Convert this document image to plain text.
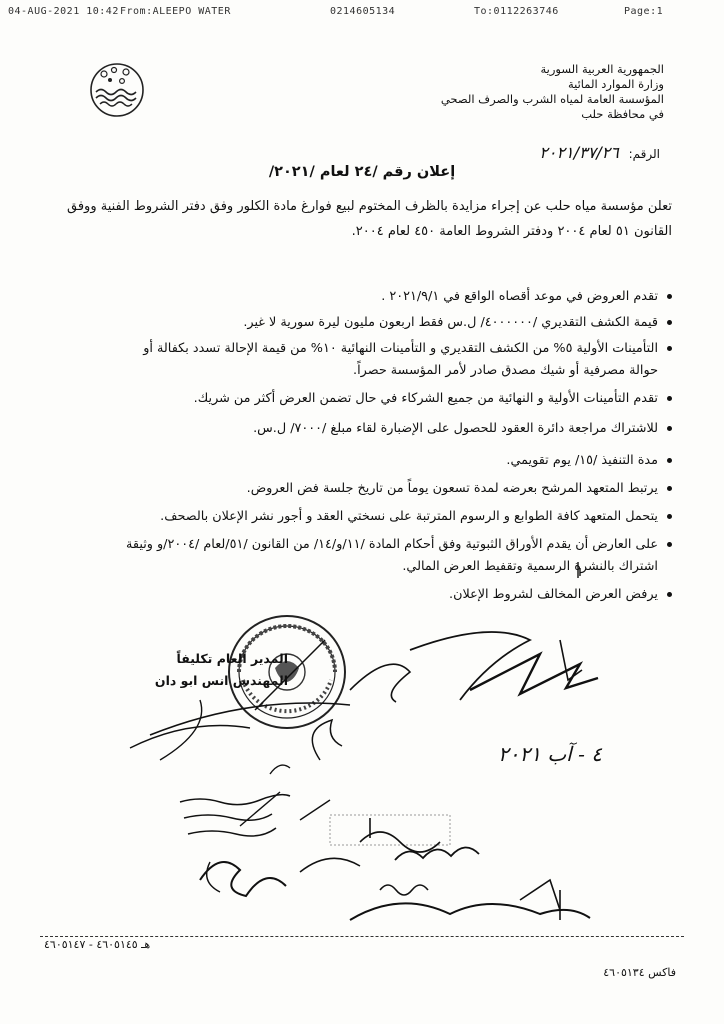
04-AUG-2021 10:42 From:ALEEPO WATER	0214605134	To:0112263746	Page:1
الجمهورية العربية السورية
وزارة الموارد المائية
المؤسسة العامة لمياه الشرب والصرف الصحي
في محافظة حلب
الرقم: ٢٠٢١/٣٧/٢٦
إعلان رقم /٢٤ لعام /٢٠٢١/
تعلن مؤسسة مياه حلب عن إجراء مزايدة بالظرف المختوم لبيع فوارغ مادة الكلور وفق دفتر الشروط الفنية ووفق
القانون ٥١ لعام ٢٠٠٤ ودفتر الشروط العامة ٤٥٠ لعام ٢٠٠٤.
تقدم العروض في موعد أقصاه الواقع في ٢٠٢١/٩/١ .
قيمة الكشف التقديري /٤٠٠٠٠٠٠/ ل.س فقط اربعون مليون ليرة سورية لا غير.
التأمينات الأولية ٥% من الكشف التقديري و التأمينات النهائية ١٠% من قيمة الإحالة تسدد بكفالة أو
حوالة مصرفية أو شيك مصدق صادر لأمر المؤسسة حصراً.
تقدم التأمينات الأولية و النهائية من جميع الشركاء في حال تضمن العرض أكثر من شريك.
للاشتراك مراجعة دائرة العقود للحصول على الإضبارة لقاء مبلغ /٧٠٠٠/ ل.س.
مدة التنفيذ /١٥/ يوم تقويمي.
يرتبط المتعهد المرشح بعرضه لمدة تسعون يوماً من تاريخ جلسة فض العروض.
يتحمل المتعهد كافة الطوابع و الرسوم المترتبة على نسختي العقد و أجور نشر الإعلان بالصحف.
على العارض أن يقدم الأوراق الثبوتية وفق أحكام المادة /١١/و/١٤/ من القانون /٥١/لعام /٢٠٠٤/و وثيقة
اشتراك بالنشرة الرسمية وتقفيط العرض المالي.
يرفض العرض المخالف لشروط الإعلان.
المدير العام تكليفاً
المهندس انس ابو دان
٤ - آب ٢٠٢١
هـ ٤٦٠٥١٤٥ - ٤٦٠٥١٤٧
فاكس ٤٦٠٥١٣٤
